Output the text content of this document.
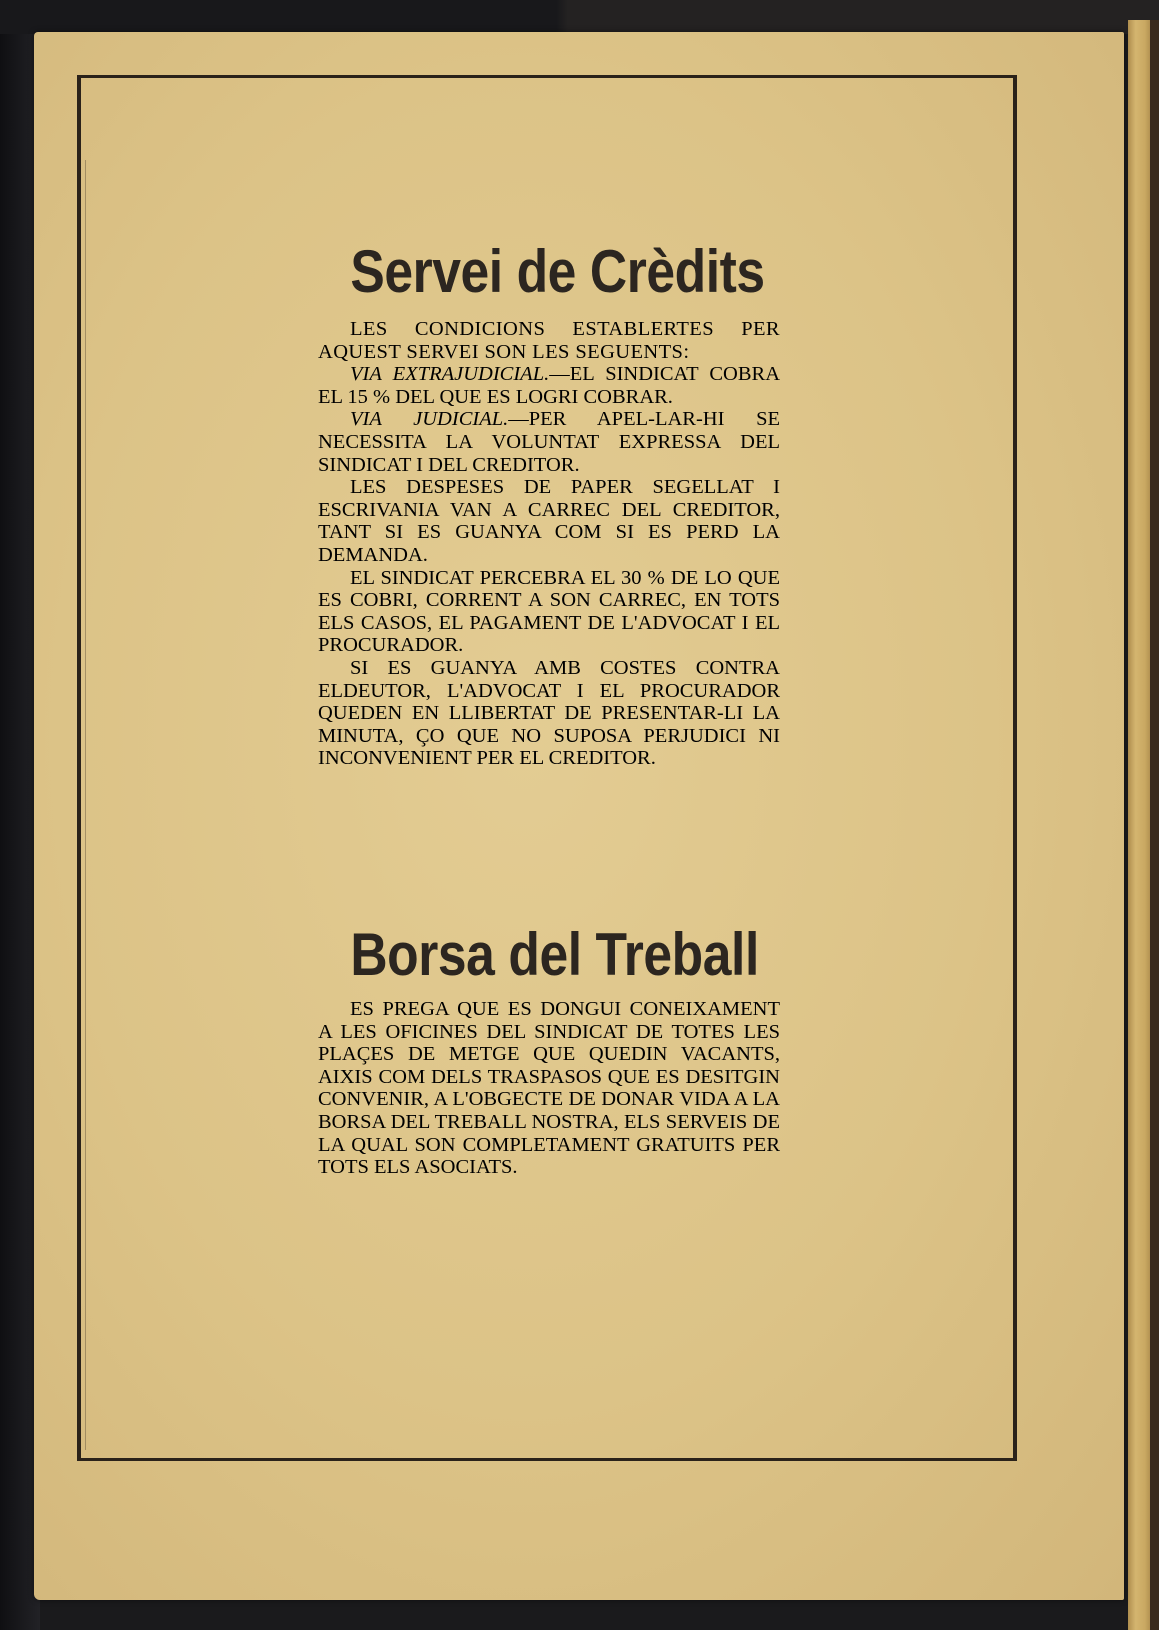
Servei de Crèdits

LES CONDICIONS ESTABLERTES PER AQUEST SERVEI SON LES SEGUENTS:

VIA EXTRAJUDICIAL.—EL SINDICAT COBRA EL 15 % DEL QUE ES LOGRI COBRAR.

VIA JUDICIAL.—PER APEL-LAR-HI SE NECESSITA LA VOLUNTAT EXPRESSA DEL SINDICAT I DEL CREDITOR.

LES DESPESES DE PAPER SEGELLAT I ESCRIVANIA VAN A CARREC DEL CREDITOR, TANT SI ES GUANYA COM SI ES PERD LA DEMANDA.

EL SINDICAT PERCEBRA EL 30 % DE LO QUE ES COBRI, CORRENT A SON CARREC, EN TOTS ELS CASOS, EL PAGAMENT DE L'ADVOCAT I EL PROCURADOR.

SI ES GUANYA AMB COSTES CONTRA ELDEUTOR, L'ADVOCAT I EL PROCURADOR QUEDEN EN LLIBERTAT DE PRESENTAR-LI LA MINUTA, ÇO QUE NO SUPOSA PERJUDICI NI INCONVENIENT PER EL CREDITOR.

Borsa del Treball

ES PREGA QUE ES DONGUI CONEIXAMENT A LES OFICINES DEL SINDICAT DE TOTES LES PLAÇES DE METGE QUE QUEDIN VACANTS, AIXIS COM DELS TRASPASOS QUE ES DESITGIN CONVENIR, A L'OBGECTE DE DONAR VIDA A LA BORSA DEL TREBALL NOSTRA, ELS SERVEIS DE LA QUAL SON COMPLETAMENT GRATUITS PER TOTS ELS ASOCIATS.
